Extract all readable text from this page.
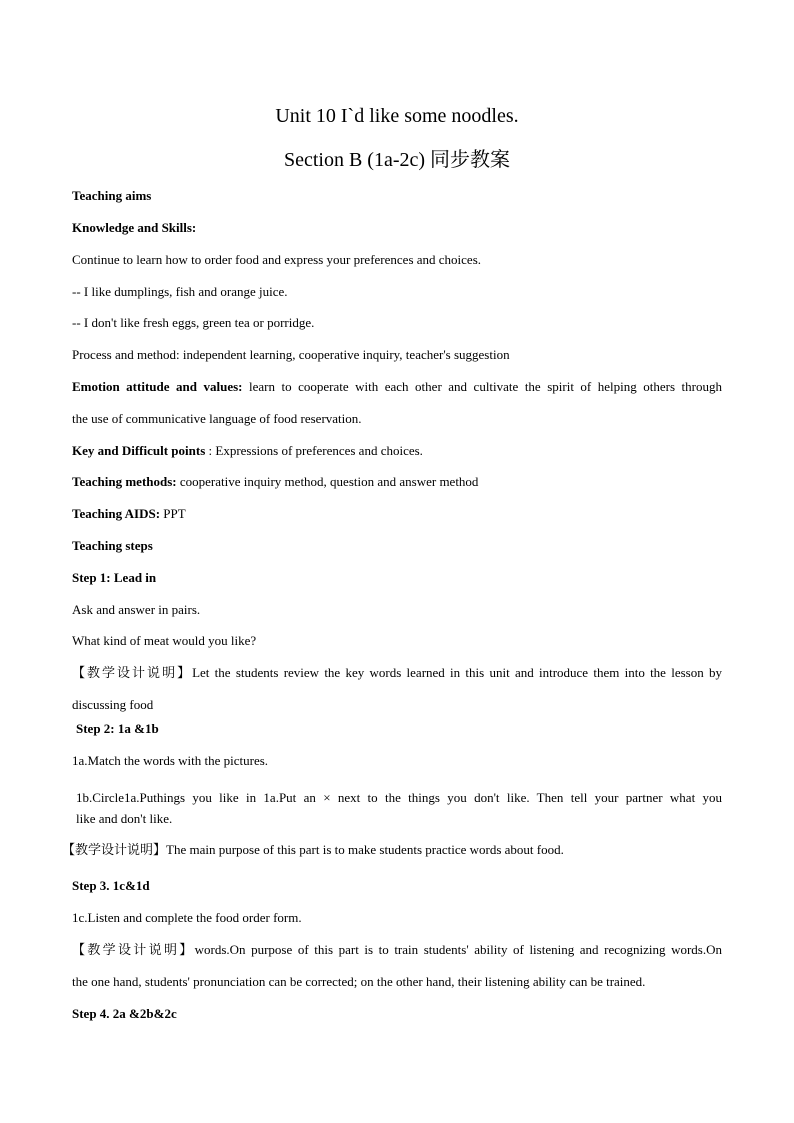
Unit 10 I`d like some noodles.
Section B (1a-2c) 同步教案
Teaching aims
Knowledge and Skills:
Continue to learn how to order food and express your preferences and choices.
-- I like dumplings, fish and orange juice.
-- I don't like fresh eggs, green tea or porridge.
Process and method: independent learning, cooperative inquiry, teacher's suggestion
Emotion attitude and values: learn to cooperate with each other and cultivate the spirit of helping others through
the use of communicative language of food reservation.
Key and Difficult points : Expressions of preferences and choices.
Teaching methods: cooperative inquiry method, question and answer method
Teaching AIDS: PPT
Teaching steps
Step 1: Lead in
Ask and answer in pairs.
What kind of meat would you like?
【教学设计说明】Let the students review the key words learned in this unit and introduce them into the lesson by
discussing food
Step 2: 1a &1b
1a.Match the words with the pictures.
1b.Circle1a.Puthings you like in 1a.Put an × next to the things you don't like. Then tell your partner what you
like and don't like.
【教学设计说明】The main purpose of this part is to make students practice words about food.
Step 3. 1c&1d
1c.Listen and complete the food order form.
【教学设计说明】words.On purpose of this part is to train students' ability of listening and recognizing words.On
the one hand, students' pronunciation can be corrected; on the other hand, their listening ability can be trained.
Step 4. 2a &2b&2c
